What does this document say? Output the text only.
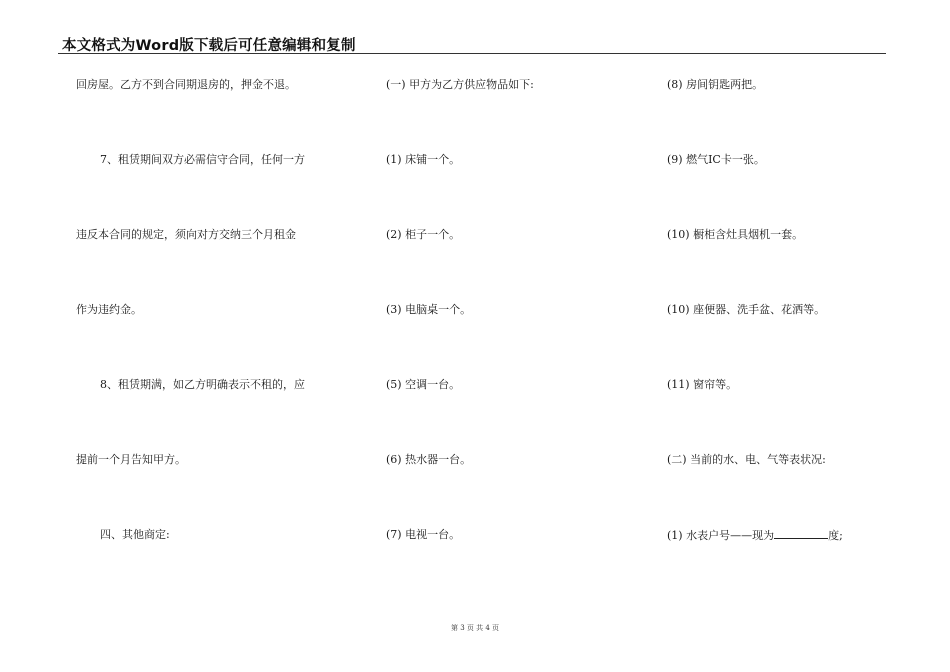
本文格式为Word版下载后可任意编辑和复制
回房屋。乙方不到合同期退房的，押金不退。
7、租赁期间双方必需信守合同，任何一方
违反本合同的规定，须向对方交纳三个月租金
作为违约金。
8、租赁期满，如乙方明确表示不租的，应
提前一个月告知甲方。
四、其他商定:
(一) 甲方为乙方供应物品如下:
(1) 床铺一个。
(2) 柜子一个。
(3) 电脑桌一个。
(5) 空调一台。
(6) 热水器一台。
(7) 电视一台。
(8) 房间钥匙两把。
(9) 燃气IC卡一张。
(10) 橱柜含灶具烟机一套。
(10) 座便器、洗手盆、花洒等。
(11) 窗帘等。
(二) 当前的水、电、气等表状况:
(1) 水表户号——现为	度;
第 3 页 共 4 页
